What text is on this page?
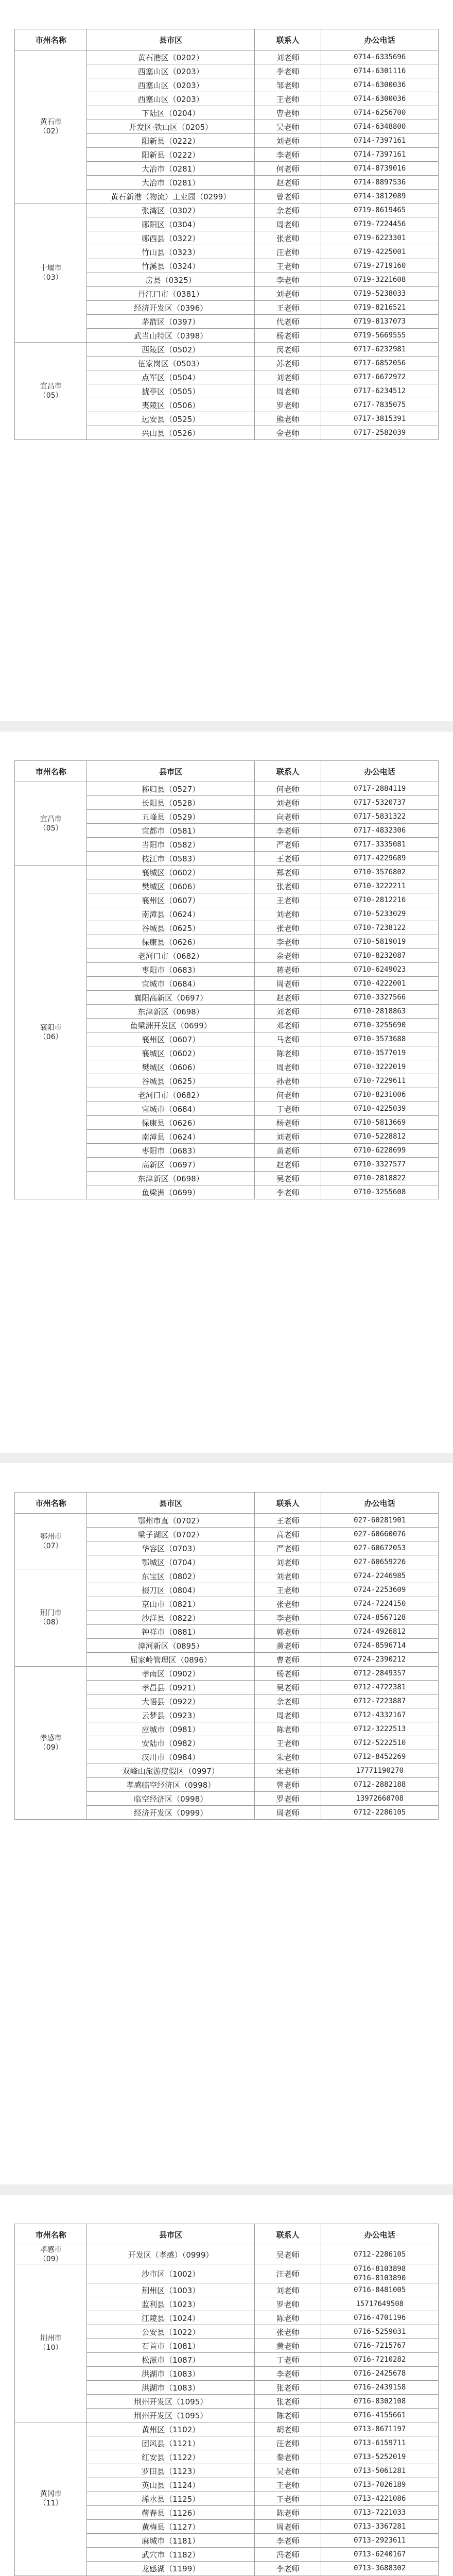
市州名称	县市区	联系人	办公电话
黄石市
（02）	黄石港区（0202）	刘老师	0714-6335696
	西塞山区（0203）	李老师	0714-6301116
	西塞山区（0203）	邹老师	0714-6300036
	西塞山区（0203）	王老师	0714-6300036
	下陆区（0204）	曹老师	0714-6256700
	开发区·铁山区（0205）	吴老师	0714-6348800
	阳新县（0222）	刘老师	0714-7397161
	阳新县（0222）	李老师	0714-7397161
	大冶市（0281）	何老师	0714-8739016
	大冶市（0281）	赵老师	0714-8897536
	黄石新港（物流）工业园（0299）	曾老师	0714-3812089
十堰市
（03）	张湾区（0302）	余老师	0719-8619465
	郧阳区（0304）	周老师	0719-7224456
	郧西县（0322）	张老师	0719-6223301
	竹山县（0323）	汪老师	0719-4225001
	竹溪县（0324）	王老师	0719-2719160
	房县（0325）	李老师	0719-3221608
	丹江口市（0381）	刘老师	0719-5238033
	经济开发区（0396）	王老师	0719-8216521
	茅箭区（0397）	代老师	0719-8137073
	武当山特区（0398）	杨老师	0719-5669555
宜昌市
（05）	西陵区（0502）	闵老师	0717-6232981
	伍家岗区（0503）	苏老师	0717-6852056
	点军区（0504）	刘老师	0717-6672972
	猇亭区（0505）	周老师	0717-6234512
	夷陵区（0506）	罗老师	0717-7835075
	远安县（0525）	熊老师	0717-3815391
	兴山县（0526）	金老师	0717-2582039
市州名称	县市区	联系人	办公电话
宜昌市
（05）	秭归县（0527）	何老师	0717-2884119
	长阳县（0528）	刘老师	0717-5320737
	五峰县（0529）	向老师	0717-5831322
	宜都市（0581）	李老师	0717-4832306
	当阳市（0582）	严老师	0717-3335081
	枝江市（0583）	王老师	0717-4229689
襄阳市
（06）	襄城区（0602）	郑老师	0710-3576802
	樊城区（0606）	张老师	0710-3222211
	襄州区（0607）	王老师	0710-2812216
	南漳县（0624）	刘老师	0710-5233029
	谷城县（0625）	张老师	0710-7238122
	保康县（0626）	李老师	0710-5819019
	老河口市（0682）	余老师	0710-8232087
	枣阳市（0683）	蒋老师	0710-6249023
	宜城市（0684）	周老师	0710-4222001
	襄阳高新区（0697）	赵老师	0710-3327566
	东津新区（0698）	刘老师	0710-2818863
	鱼梁洲开发区（0699）	邓老师	0710-3255690
	襄州区（0607）	马老师	0710-3573688
	襄城区（0602）	陈老师	0710-3577019
	樊城区（0606）	周老师	0710-3222019
	谷城县（0625）	孙老师	0710-7229611
	老河口市（0682）	何老师	0710-8231006
	宜城市（0684）	丁老师	0710-4225039
	保康县（0626）	杨老师	0710-5813669
	南漳县（0624）	刘老师	0710-5228812
	枣阳市（0683）	黄老师	0710-6228699
	高新区（0697）	赵老师	0710-3327577
	东津新区（0698）	吴老师	0710-2818822
	鱼梁洲（0699）	李老师	0710-3255608
市州名称	县市区	联系人	办公电话
鄂州市
（07）	鄂州市直（0702）	王老师	027-60281901
	梁子湖区（0702）	高老师	027-60660076
	华容区（0703）	严老师	027-60672053
	鄂城区（0704）	刘老师	027-60659226
荆门市
（08）	东宝区（0802）	刘老师	0724-2246985
	掇刀区（0804）	王老师	0724-2253609
	京山市（0821）	张老师	0724-7224150
	沙洋县（0822）	李老师	0724-8567128
	钟祥市（0881）	郭老师	0724-4926812
	漳河新区（0895）	黄老师	0724-8596714
	屈家岭管理区（0896）	曹老师	0724-2390212
孝感市
（09）	孝南区（0902）	杨老师	0712-2849357
	孝昌县（0921）	吴老师	0712-4722381
	大悟县（0922）	余老师	0712-7223887
	云梦县（0923）	周老师	0712-4332167
	应城市（0981）	陈老师	0712-3222513
	安陆市（0982）	王老师	0712-5222510
	汉川市（0984）	朱老师	0712-8452269
	双峰山旅游度假区（0997）	宋老师	17771190270
	孝感临空经济区（0998）	曾老师	0712-2882188
	临空经济区（0998）	罗老师	13972660708
	经济开发区（0999）	周老师	0712-2286105
市州名称	县市区	联系人	办公电话
孝感市
（09）	开发区（孝感）（0999）	吴老师	0712-2286105
荆州市
（10）	沙市区（1002）	汪老师	0716-8103898
0716-8103890
	荆州区（1003）	刘老师	0716-8481005
	监利县（1023）	罗老师	15717649508
	江陵县（1024）	陈老师	0716-4701196
	公安县（1022）	张老师	0716-5259031
	石首市（1081）	黄老师	0716-7215767
	松滋市（1087）	丁老师	0716-7210282
	洪湖市（1083）	李老师	0716-2425678
	洪湖市（1083）	张老师	0716-2439158
	荆州开发区（1095）	张老师	0716-8302108
	荆州开发区（1095）	陈老师	0716-4155661
黄冈市
（11）	黄州区（1102）	胡老师	0713-8671197
	团风县（1121）	汪老师	0713-6159711
	红安县（1122）	秦老师	0713-5252019
	罗田县（1123）	吴老师	0713-5061281
	英山县（1124）	王老师	0713-7026189
	浠水县（1125）	王老师	0713-4221086
	蕲春县（1126）	陈老师	0713-7221033
	黄梅县（1127）	周老师	0713-3367281
	麻城市（1181）	李老师	0713-2923611
	武穴市（1182）	冯老师	0713-6240167
	龙感湖（1199）	李老师	0713-3688302
